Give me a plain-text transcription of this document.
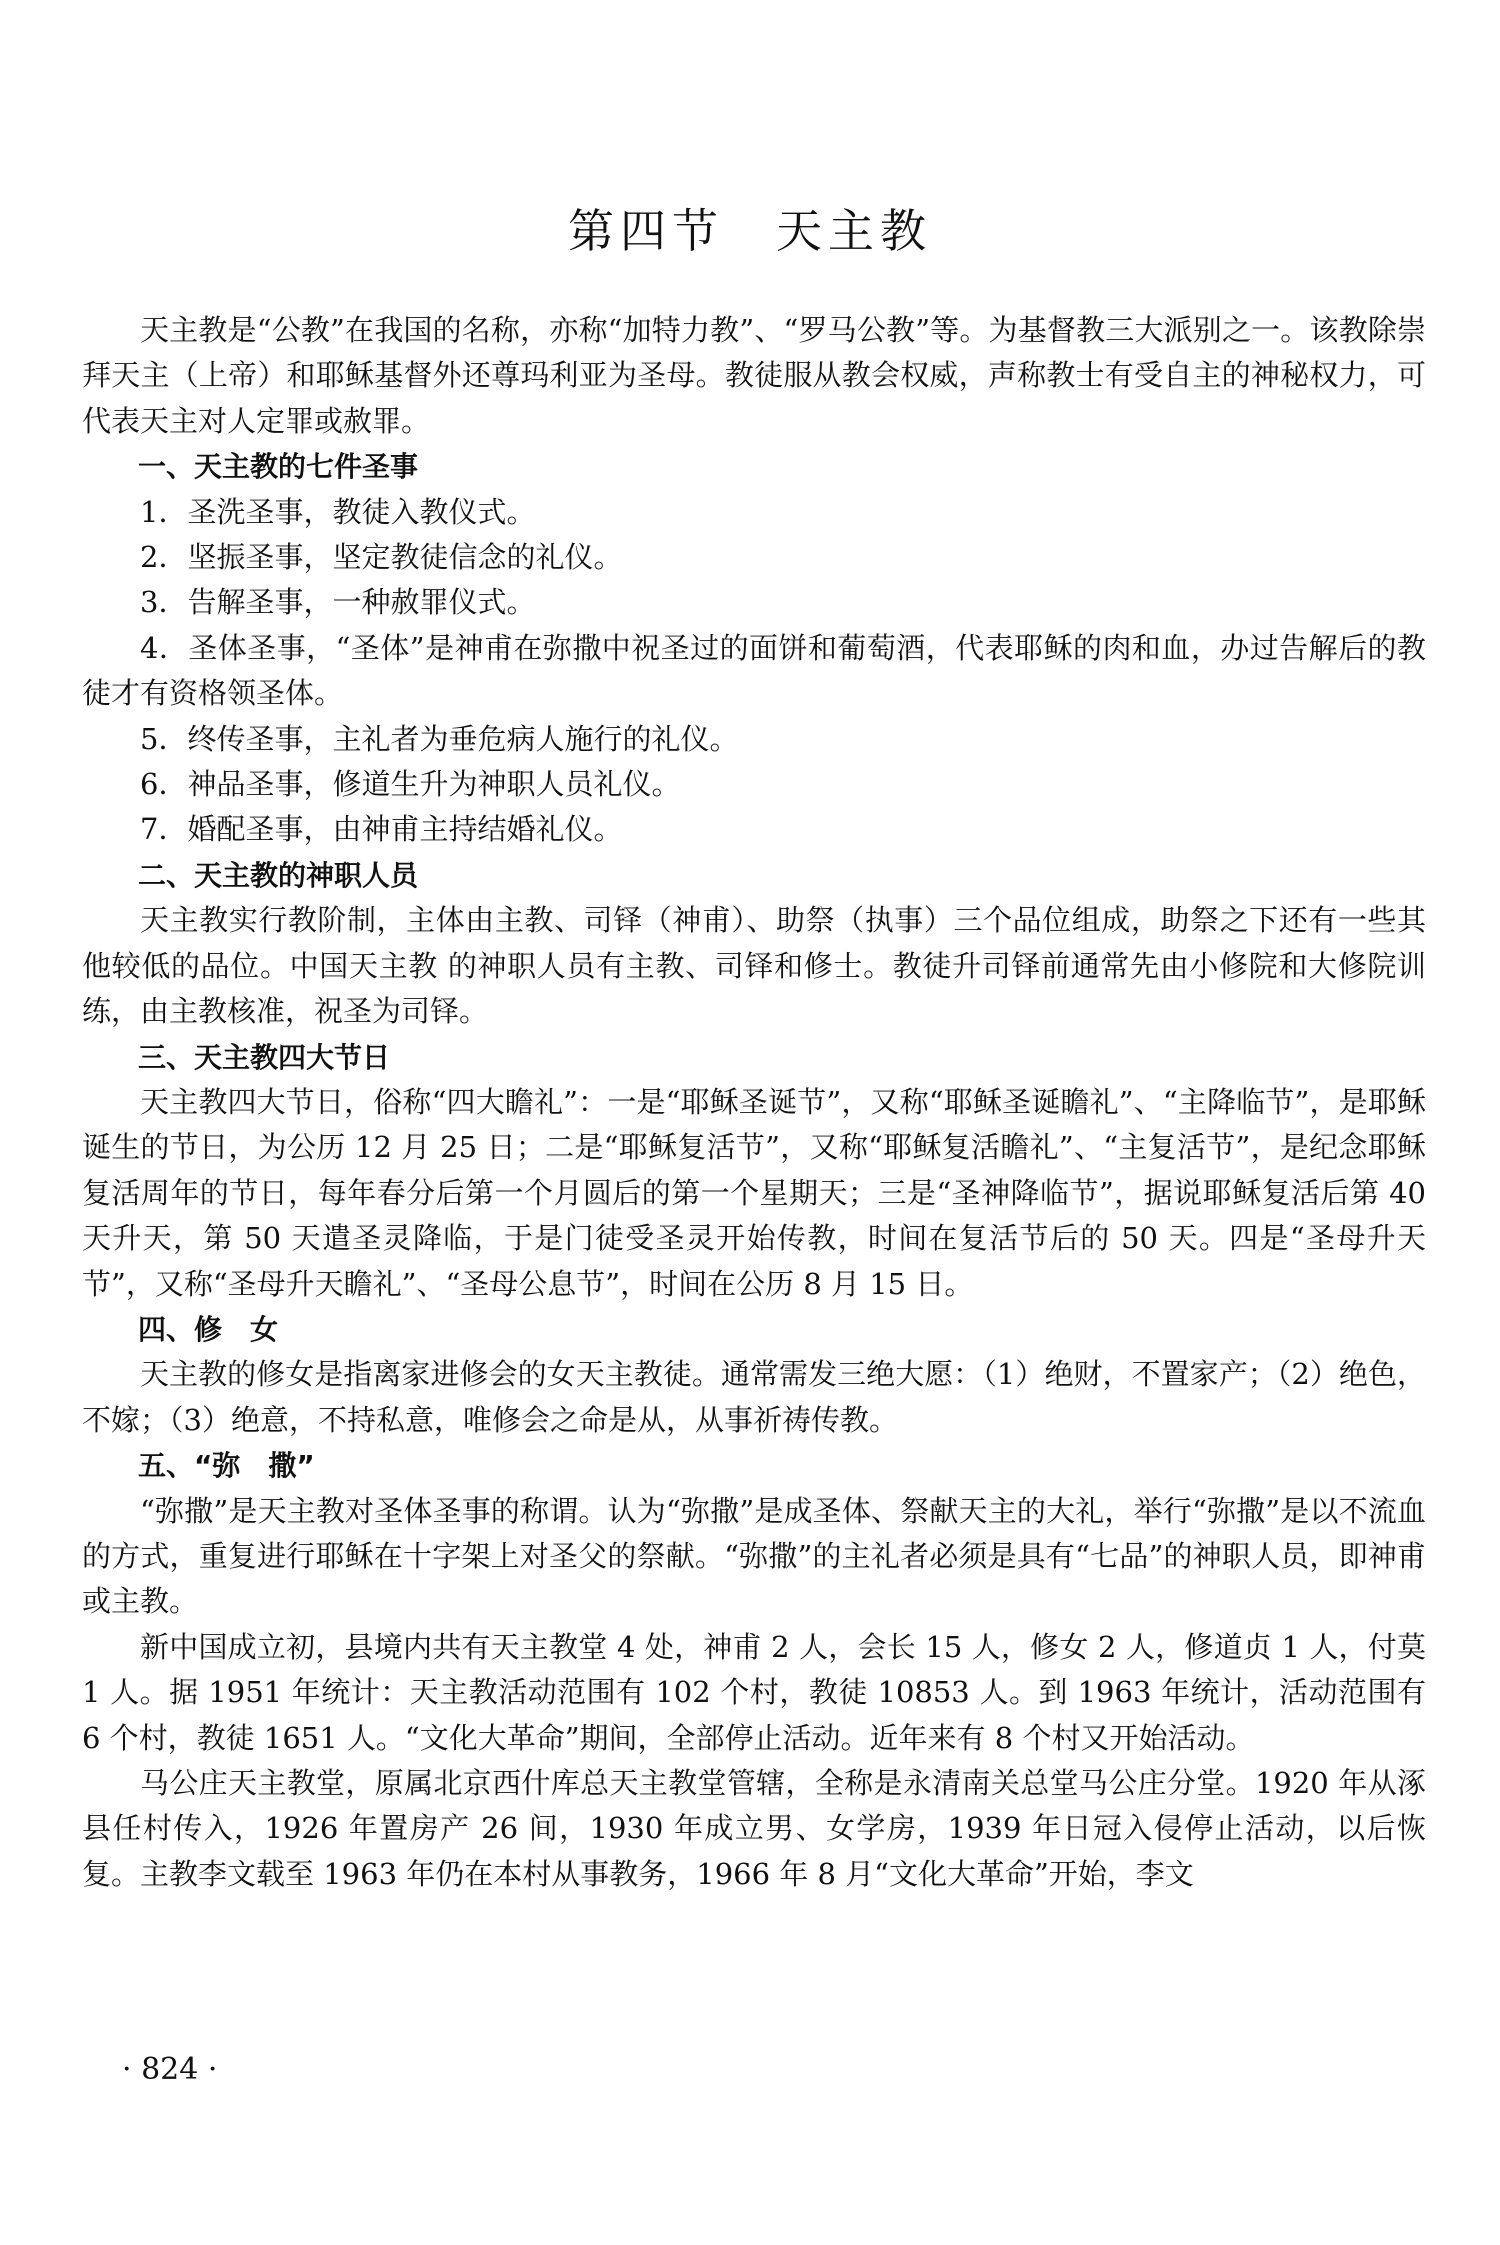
第四节　天主教

天主教是“公教”在我国的名称，亦称“加特力教”、“罗马公教”等。为基督教三大派别之一。该教除崇拜天主（上帝）和耶稣基督外还尊玛利亚为圣母。教徒服从教会权威，声称教士有受自主的神秘权力，可代表天主对人定罪或赦罪。

一、天主教的七件圣事

1．圣洗圣事，教徒入教仪式。

2．坚振圣事，坚定教徒信念的礼仪。

3．告解圣事，一种赦罪仪式。

4．圣体圣事，“圣体”是神甫在弥撒中祝圣过的面饼和葡萄酒，代表耶稣的肉和血，办过告解后的教徒才有资格领圣体。

5．终传圣事，主礼者为垂危病人施行的礼仪。

6．神品圣事，修道生升为神职人员礼仪。

7．婚配圣事，由神甫主持结婚礼仪。

二、天主教的神职人员

天主教实行教阶制，主体由主教、司铎（神甫）、助祭（执事）三个品位组成，助祭之下还有一些其他较低的品位。中国天主教 的神职人员有主教、司铎和修士。教徒升司铎前通常先由小修院和大修院训练，由主教核准，祝圣为司铎。

三、天主教四大节日

天主教四大节日，俗称“四大瞻礼”：一是“耶稣圣诞节”，又称“耶稣圣诞瞻礼”、“主降临节”，是耶稣诞生的节日，为公历 12 月 25 日；二是“耶稣复活节”，又称“耶稣复活瞻礼”、“主复活节”，是纪念耶稣复活周年的节日，每年春分后第一个月圆后的第一个星期天；三是“圣神降临节”，据说耶稣复活后第 40 天升天，第 50 天遣圣灵降临，于是门徒受圣灵开始传教，时间在复活节后的 50 天。四是“圣母升天节”，又称“圣母升天瞻礼”、“圣母公息节”，时间在公历 8 月 15 日。

四、修　女

天主教的修女是指离家进修会的女天主教徒。通常需发三绝大愿：（1）绝财，不置家产；（2）绝色，不嫁；（3）绝意，不持私意，唯修会之命是从，从事祈祷传教。

五、“弥　撒”

“弥撒”是天主教对圣体圣事的称谓。认为“弥撒”是成圣体、祭献天主的大礼，举行“弥撒”是以不流血的方式，重复进行耶稣在十字架上对圣父的祭献。“弥撒”的主礼者必须是具有“七品”的神职人员，即神甫或主教。

新中国成立初，县境内共有天主教堂 4 处，神甫 2 人，会长 15 人，修女 2 人，修道贞 1 人，付莫 1 人。据 1951 年统计：天主教活动范围有 102 个村，教徒 10853 人。到 1963 年统计，活动范围有 6 个村，教徒 1651 人。“文化大革命”期间，全部停止活动。近年来有 8 个村又开始活动。

马公庄天主教堂，原属北京西什库总天主教堂管辖，全称是永清南关总堂马公庄分堂。1920 年从涿县任村传入，1926 年置房产 26 间，1930 年成立男、女学房，1939 年日冠入侵停止活动，以后恢复。主教李文载至 1963 年仍在本村从事教务，1966 年 8 月“文化大革命”开始，李文

· 824 ·
